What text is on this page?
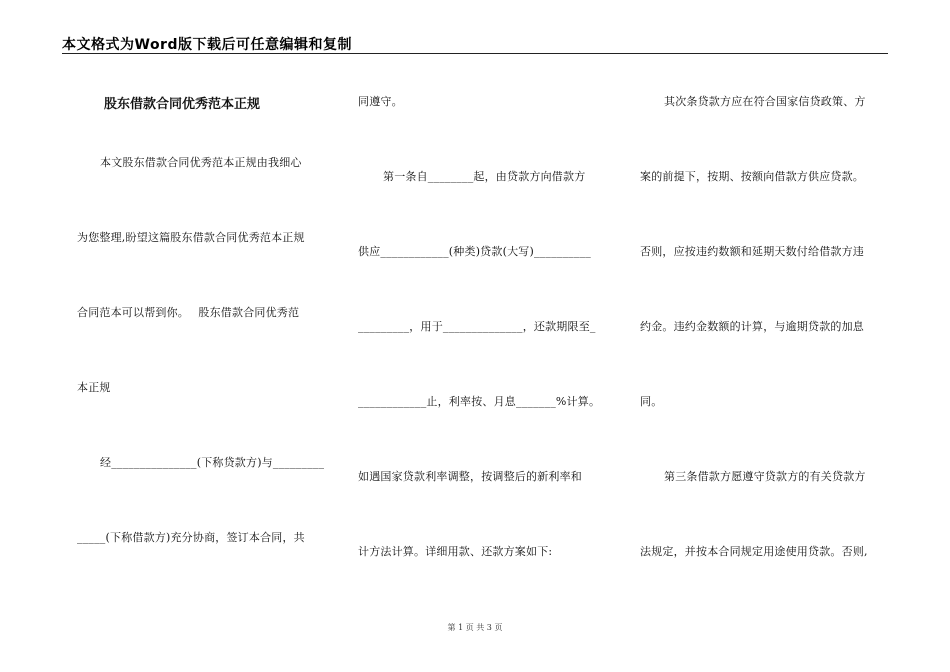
本文格式为Word版下载后可任意编辑和复制
股东借款合同优秀范本正规
本文股东借款合同优秀范本正规由我细心
为您整理,盼望这篇股东借款合同优秀范本正规
合同范本可以帮到你。　 股东借款合同优秀范
本正规
经_______________(下称贷款方)与_________
_____(下称借款方)充分协商，签订本合同，共
同遵守。
第一条自________起，由贷款方向借款方
供应____________(种类)贷款(大写)__________
_________，用于______________，还款期限至_
____________止，利率按、月息_______%计算。
如遇国家贷款利率调整，按调整后的新利率和
计方法计算。详细用款、还款方案如下:
其次条贷款方应在符合国家信贷政策、方
案的前提下，按期、按额向借款方供应贷款。
否则，应按违约数额和延期天数付给借款方违
约金。违约金数额的计算，与逾期贷款的加息
同。
第三条借款方愿遵守贷款方的有关贷款方
法规定，并按本合同规定用途使用贷款。否则,
第 1 页 共 3 页
